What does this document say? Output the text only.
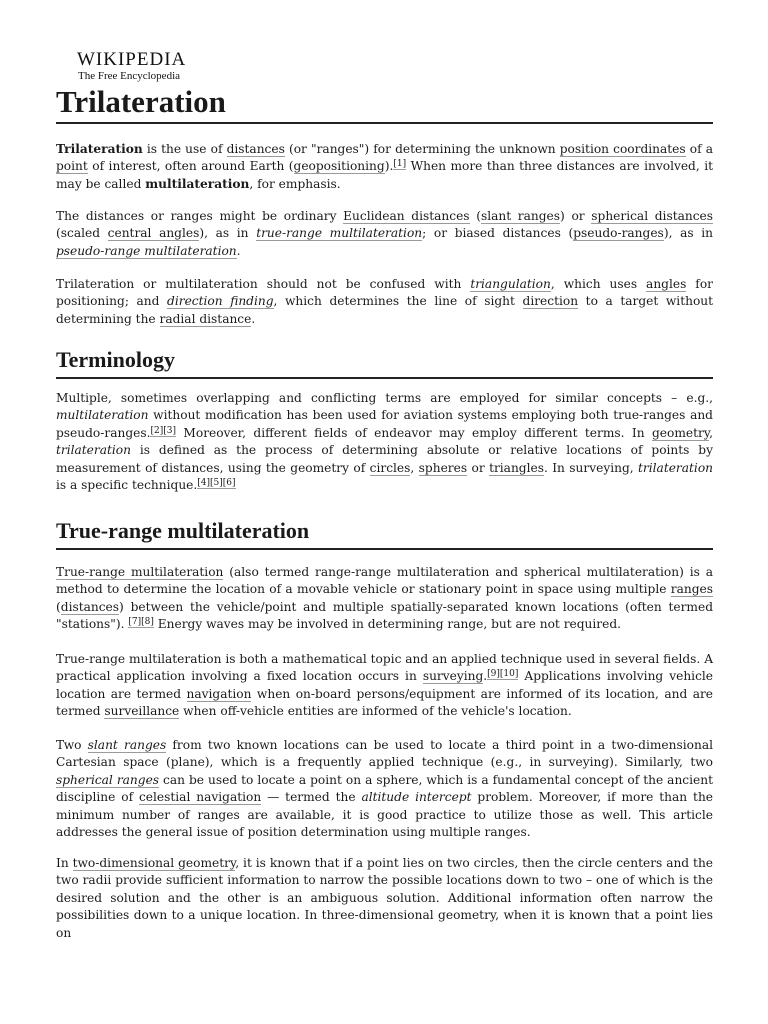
WIKIPEDIA
The Free Encyclopedia
Trilateration

Trilateration is the use of distances (or "ranges") for determining the unknown position coordinates of a point of interest, often around Earth (geopositioning).[1] When more than three distances are involved, it may be called multilateration, for emphasis.

The distances or ranges might be ordinary Euclidean distances (slant ranges) or spherical distances (scaled central angles), as in true-range multilateration; or biased distances (pseudo-ranges), as in pseudo-range multilateration.

Trilateration or multilateration should not be confused with triangulation, which uses angles for positioning; and direction finding, which determines the line of sight direction to a target without determining the radial distance.

Terminology

Multiple, sometimes overlapping and conflicting terms are employed for similar concepts – e.g., multilateration without modification has been used for aviation systems employing both true-ranges and pseudo-ranges.[2][3] Moreover, different fields of endeavor may employ different terms. In geometry, trilateration is defined as the process of determining absolute or relative locations of points by measurement of distances, using the geometry of circles, spheres or triangles. In surveying, trilateration is a specific technique.[4][5][6]

True-range multilateration

True-range multilateration (also termed range-range multilateration and spherical multilateration) is a method to determine the location of a movable vehicle or stationary point in space using multiple ranges (distances) between the vehicle/point and multiple spatially-separated known locations (often termed "stations"). [7][8] Energy waves may be involved in determining range, but are not required.

True-range multilateration is both a mathematical topic and an applied technique used in several fields. A practical application involving a fixed location occurs in surveying.[9][10] Applications involving vehicle location are termed navigation when on-board persons/equipment are informed of its location, and are termed surveillance when off-vehicle entities are informed of the vehicle's location.

Two slant ranges from two known locations can be used to locate a third point in a two-dimensional Cartesian space (plane), which is a frequently applied technique (e.g., in surveying). Similarly, two spherical ranges can be used to locate a point on a sphere, which is a fundamental concept of the ancient discipline of celestial navigation — termed the altitude intercept problem. Moreover, if more than the minimum number of ranges are available, it is good practice to utilize those as well. This article addresses the general issue of position determination using multiple ranges.

In two-dimensional geometry, it is known that if a point lies on two circles, then the circle centers and the two radii provide sufficient information to narrow the possible locations down to two – one of which is the desired solution and the other is an ambiguous solution. Additional information often narrow the possibilities down to a unique location. In three-dimensional geometry, when it is known that a point lies on
